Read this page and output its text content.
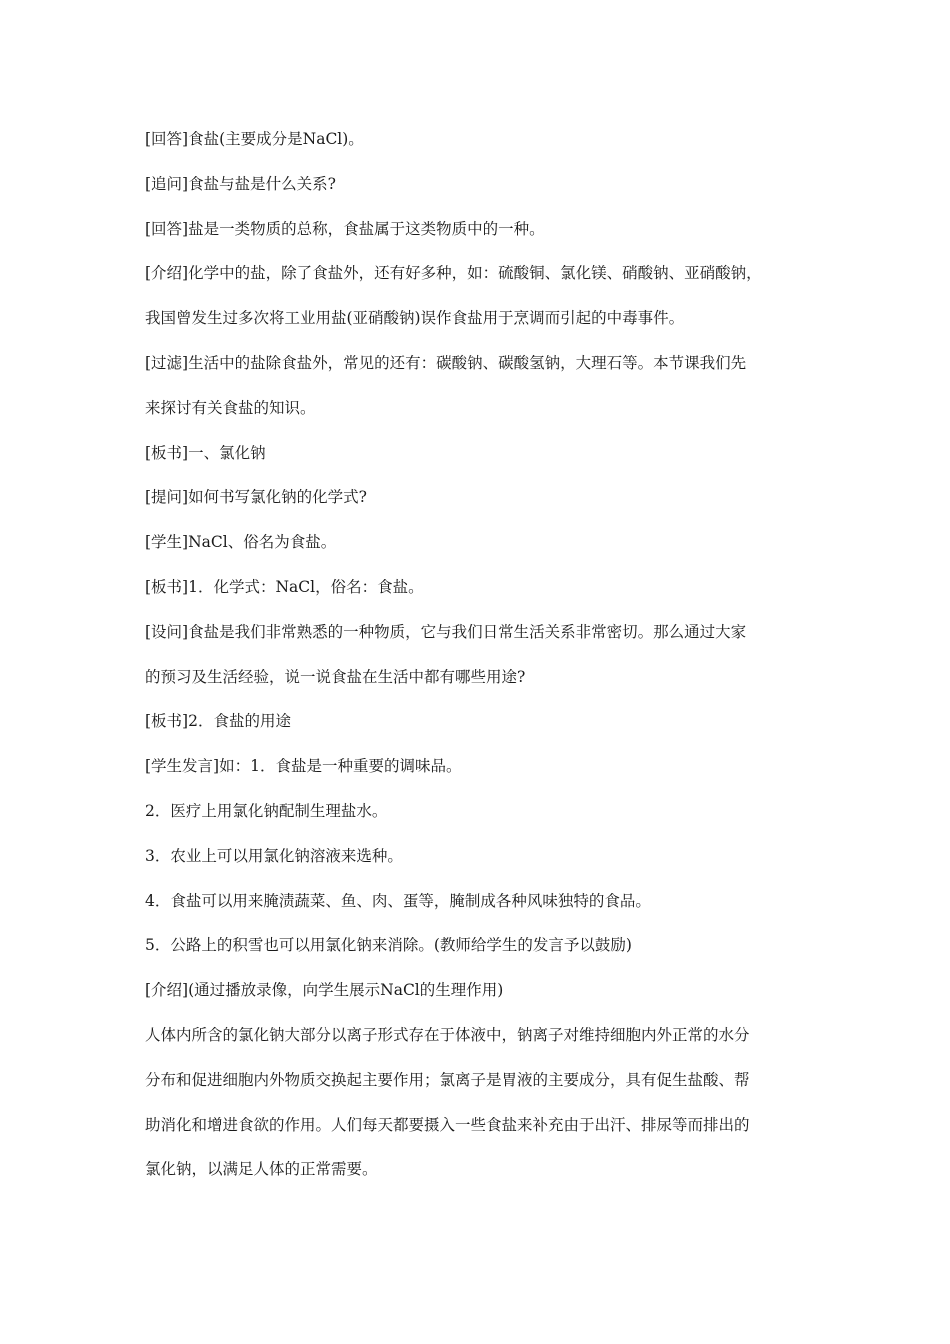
[回答]食盐(主要成分是NaCl)。
[追问]食盐与盐是什么关系?
[回答]盐是一类物质的总称，食盐属于这类物质中的一种。
[介绍]化学中的盐，除了食盐外，还有好多种，如：硫酸铜、氯化镁、硝酸钠、亚硝酸钠，
我国曾发生过多次将工业用盐(亚硝酸钠)误作食盐用于烹调而引起的中毒事件。
[过滤]生活中的盐除食盐外，常见的还有：碳酸钠、碳酸氢钠，大理石等。本节课我们先
来探讨有关食盐的知识。
[板书]一、氯化钠
[提问]如何书写氯化钠的化学式?
[学生]NaCl、俗名为食盐。
[板书]1．化学式：NaCl，俗名：食盐。
[设问]食盐是我们非常熟悉的一种物质，它与我们日常生活关系非常密切。那么通过大家
的预习及生活经验，说一说食盐在生活中都有哪些用途?
[板书]2．食盐的用途
[学生发言]如：1．食盐是一种重要的调味品。
2．医疗上用氯化钠配制生理盐水。
3．农业上可以用氯化钠溶液来选种。
4．食盐可以用来腌渍蔬菜、鱼、肉、蛋等，腌制成各种风味独特的食品。
5．公路上的积雪也可以用氯化钠来消除。(教师给学生的发言予以鼓励)
[介绍](通过播放录像，向学生展示NaCl的生理作用)
人体内所含的氯化钠大部分以离子形式存在于体液中，钠离子对维持细胞内外正常的水分
分布和促进细胞内外物质交换起主要作用；氯离子是胃液的主要成分，具有促生盐酸、帮
助消化和增进食欲的作用。人们每天都要摄入一些食盐来补充由于出汗、排尿等而排出的
氯化钠，以满足人体的正常需要。
